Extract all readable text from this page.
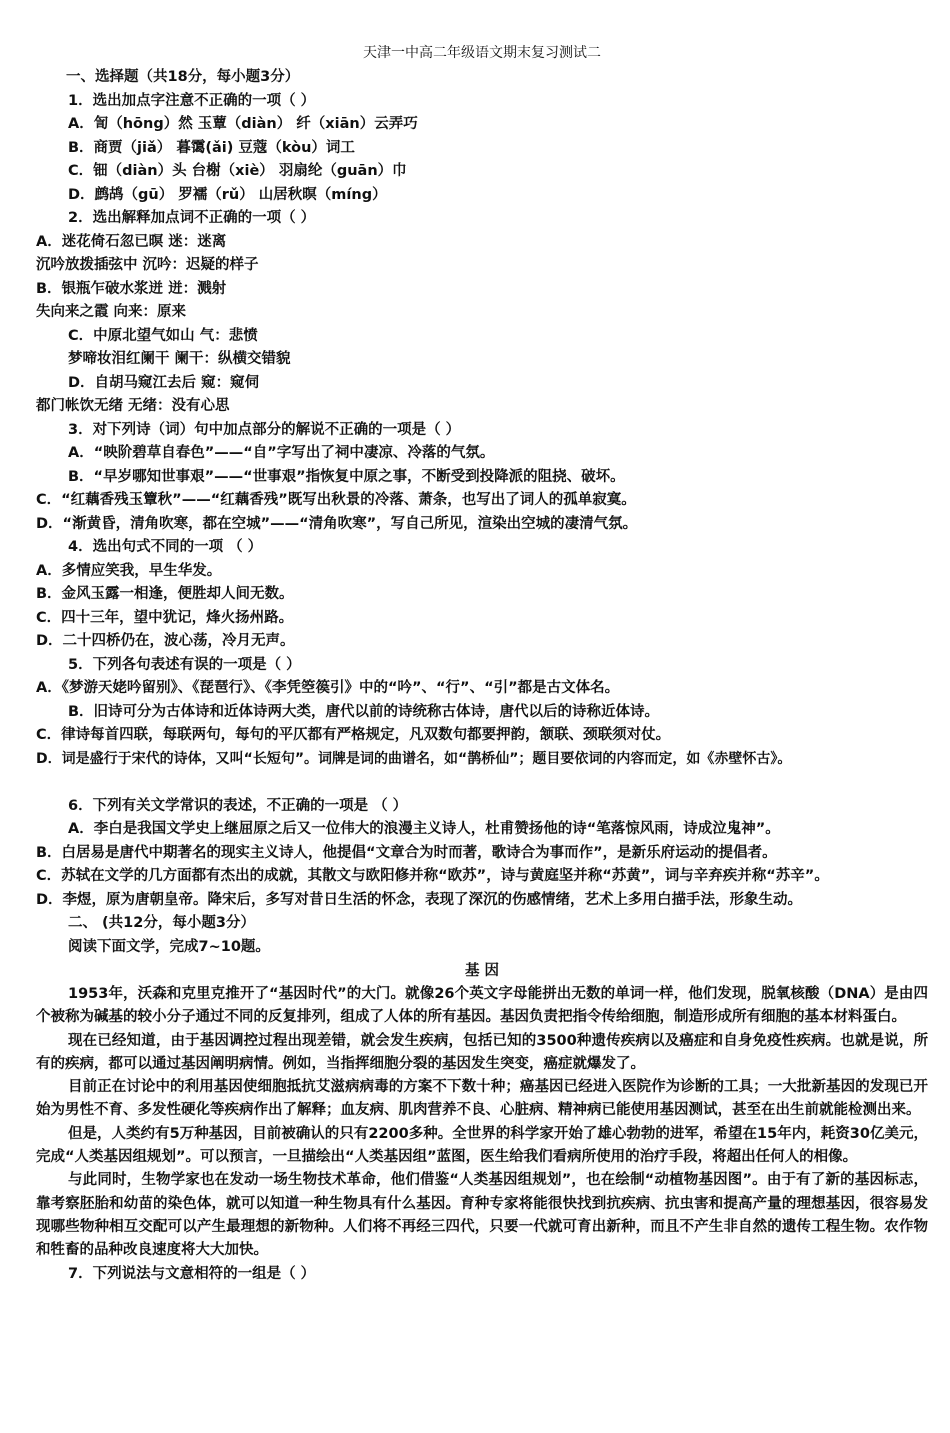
天津一中高二年级语文期末复习测试二
一、选择题（共18分，每小题3分）
1．选出加点字注意不正确的一项（ ）
A．訇（hōng）然 玉蕈（diàn） 纤（xiān）云弄巧
B．商贾（jiǎ） 暮霭(ǎi) 豆蔻（kòu）词工
C．钿（diàn）头 台榭（xiè） 羽扇纶（guān）巾
D．鹧鸪（gū） 罗襦（rǔ） 山居秋暝（míng）
2．选出解释加点词不正确的一项（ ）
A．迷花倚石忽已暝 迷：迷离
沉吟放拨插弦中 沉吟：迟疑的样子
B．银瓶乍破水浆迸 迸：溅射
失向来之霞 向来：原来
C．中原北望气如山 气：悲愤
梦啼妆泪红阑干 阑干：纵横交错貌
D．自胡马窥江去后 窥：窥伺
都门帐饮无绪 无绪：没有心思
3．对下列诗（词）句中加点部分的解说不正确的一项是（ ）
A．“映阶碧草自春色”——“自”字写出了祠中凄凉、冷落的气氛。
B．“早岁哪知世事艰”——“世事艰”指恢复中原之事，不断受到投降派的阻挠、破坏。
C．“红藕香残玉簟秋”——“红藕香残”既写出秋景的冷落、萧条，也写出了词人的孤单寂寞。
D．“渐黄昏，清角吹寒，都在空城”——“清角吹寒”，写自己所见，渲染出空城的凄清气氛。
4．选出句式不同的一项 （ ）
A．多情应笑我，早生华发。
B．金风玉露一相逢，便胜却人间无数。
C．四十三年，望中犹记，烽火扬州路。
D．二十四桥仍在，波心荡，冷月无声。
5．下列各句表述有误的一项是（ ）
A．《梦游天姥吟留别》、《琵琶行》、《李凭箜篌引》中的“吟”、“行”、“引”都是古文体名。
B．旧诗可分为古体诗和近体诗两大类，唐代以前的诗统称古体诗，唐代以后的诗称近体诗。
C．律诗每首四联，每联两句，每句的平仄都有严格规定，凡双数句都要押韵，颔联、颈联须对仗。
D．词是盛行于宋代的诗体，又叫“长短句”。词牌是词的曲谱名，如“鹊桥仙”；题目要依词的内容而定，如《赤壁怀古》。
6．下列有关文学常识的表述，不正确的一项是 （ ）
A．李白是我国文学史上继屈原之后又一位伟大的浪漫主义诗人，杜甫赞扬他的诗“笔落惊风雨，诗成泣鬼神”。
B．白居易是唐代中期著名的现实主义诗人，他提倡“文章合为时而著，歌诗合为事而作”，是新乐府运动的提倡者。
C．苏轼在文学的几方面都有杰出的成就，其散文与欧阳修并称“欧苏”，诗与黄庭坚并称“苏黄”，词与辛弃疾并称“苏辛”。
D．李煜，原为唐朝皇帝。降宋后，多写对昔日生活的怀念，表现了深沉的伤感情绪，艺术上多用白描手法，形象生动。
二、 (共12分，每小题3分）
阅读下面文学，完成7~10题。
基 因
1953年，沃森和克里克推开了“基因时代”的大门。就像26个英文字母能拼出无数的单词一样，他们发现，脱氧核酸（DNA）是由四个被称为碱基的较小分子通过不同的反复排列，组成了人体的所有基因。基因负责把指令传给细胞，制造形成所有细胞的基本材料蛋白。
现在已经知道，由于基因调控过程出现差错，就会发生疾病，包括已知的3500种遗传疾病以及癌症和自身免疫性疾病。也就是说，所有的疾病，都可以通过基因阐明病情。例如，当指挥细胞分裂的基因发生突变，癌症就爆发了。
目前正在讨论中的利用基因使细胞抵抗艾滋病病毒的方案不下数十种；癌基因已经进入医院作为诊断的工具；一大批新基因的发现已开始为男性不育、多发性硬化等疾病作出了解释；血友病、肌肉营养不良、心脏病、精神病已能使用基因测试，甚至在出生前就能检测出来。
但是，人类约有5万种基因，目前被确认的只有2200多种。全世界的科学家开始了雄心勃勃的进军，希望在15年内，耗资30亿美元，完成“人类基因组规划”。可以预言，一旦描绘出“人类基因组”蓝图，医生给我们看病所使用的治疗手段，将超出任何人的相像。
与此同时，生物学家也在发动一场生物技术革命，他们借鉴“人类基因组规划”，也在绘制“动植物基因图”。由于有了新的基因标志，靠考察胚胎和幼苗的染色体，就可以知道一种生物具有什么基因。育种专家将能很快找到抗疾病、抗虫害和提高产量的理想基因，很容易发现哪些物种相互交配可以产生最理想的新物种。人们将不再经三四代，只要一代就可育出新种，而且不产生非自然的遗传工程生物。农作物和牲畜的品种改良速度将大大加快。
7．下列说法与文意相符的一组是（ ）
